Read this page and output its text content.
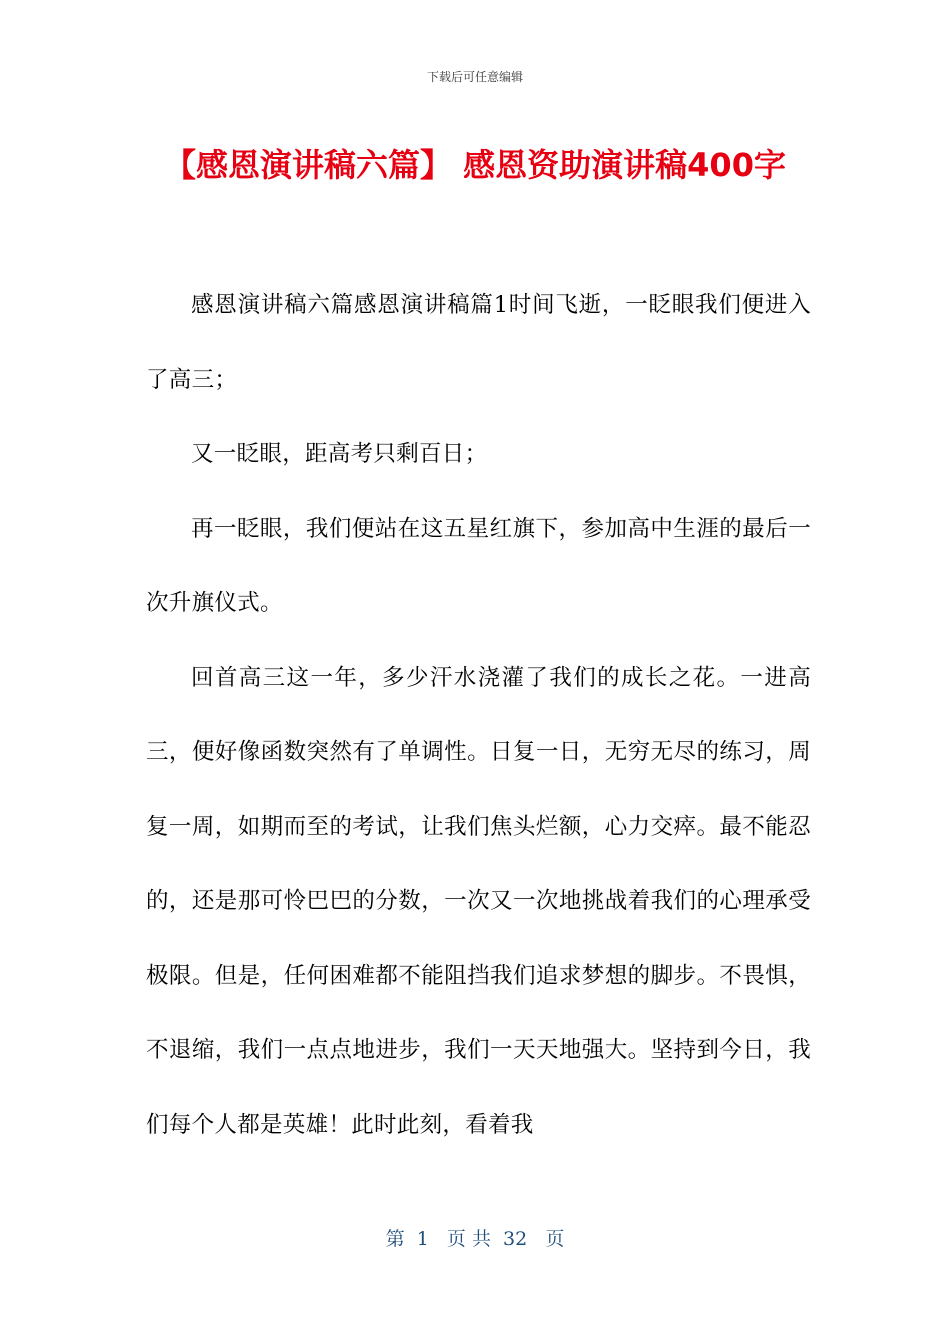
下载后可任意编辑
【感恩演讲稿六篇】 感恩资助演讲稿400字

感恩演讲稿六篇感恩演讲稿篇1时间飞逝，一眨眼我们便进入了高三；

又一眨眼，距高考只剩百日；

再一眨眼，我们便站在这五星红旗下，参加高中生涯的最后一次升旗仪式。

回首高三这一年，多少汗水浇灌了我们的成长之花。一进高三，便好像函数突然有了单调性。日复一日，无穷无尽的练习，周复一周，如期而至的考试，让我们焦头烂额，心力交瘁。最不能忍的，还是那可怜巴巴的分数，一次又一次地挑战着我们的心理承受极限。但是，任何困难都不能阻挡我们追求梦想的脚步。不畏惧，不退缩，我们一点点地进步，我们一天天地强大。坚持到今日，我们每个人都是英雄！此时此刻，看着我

第  1   页 共  32   页
